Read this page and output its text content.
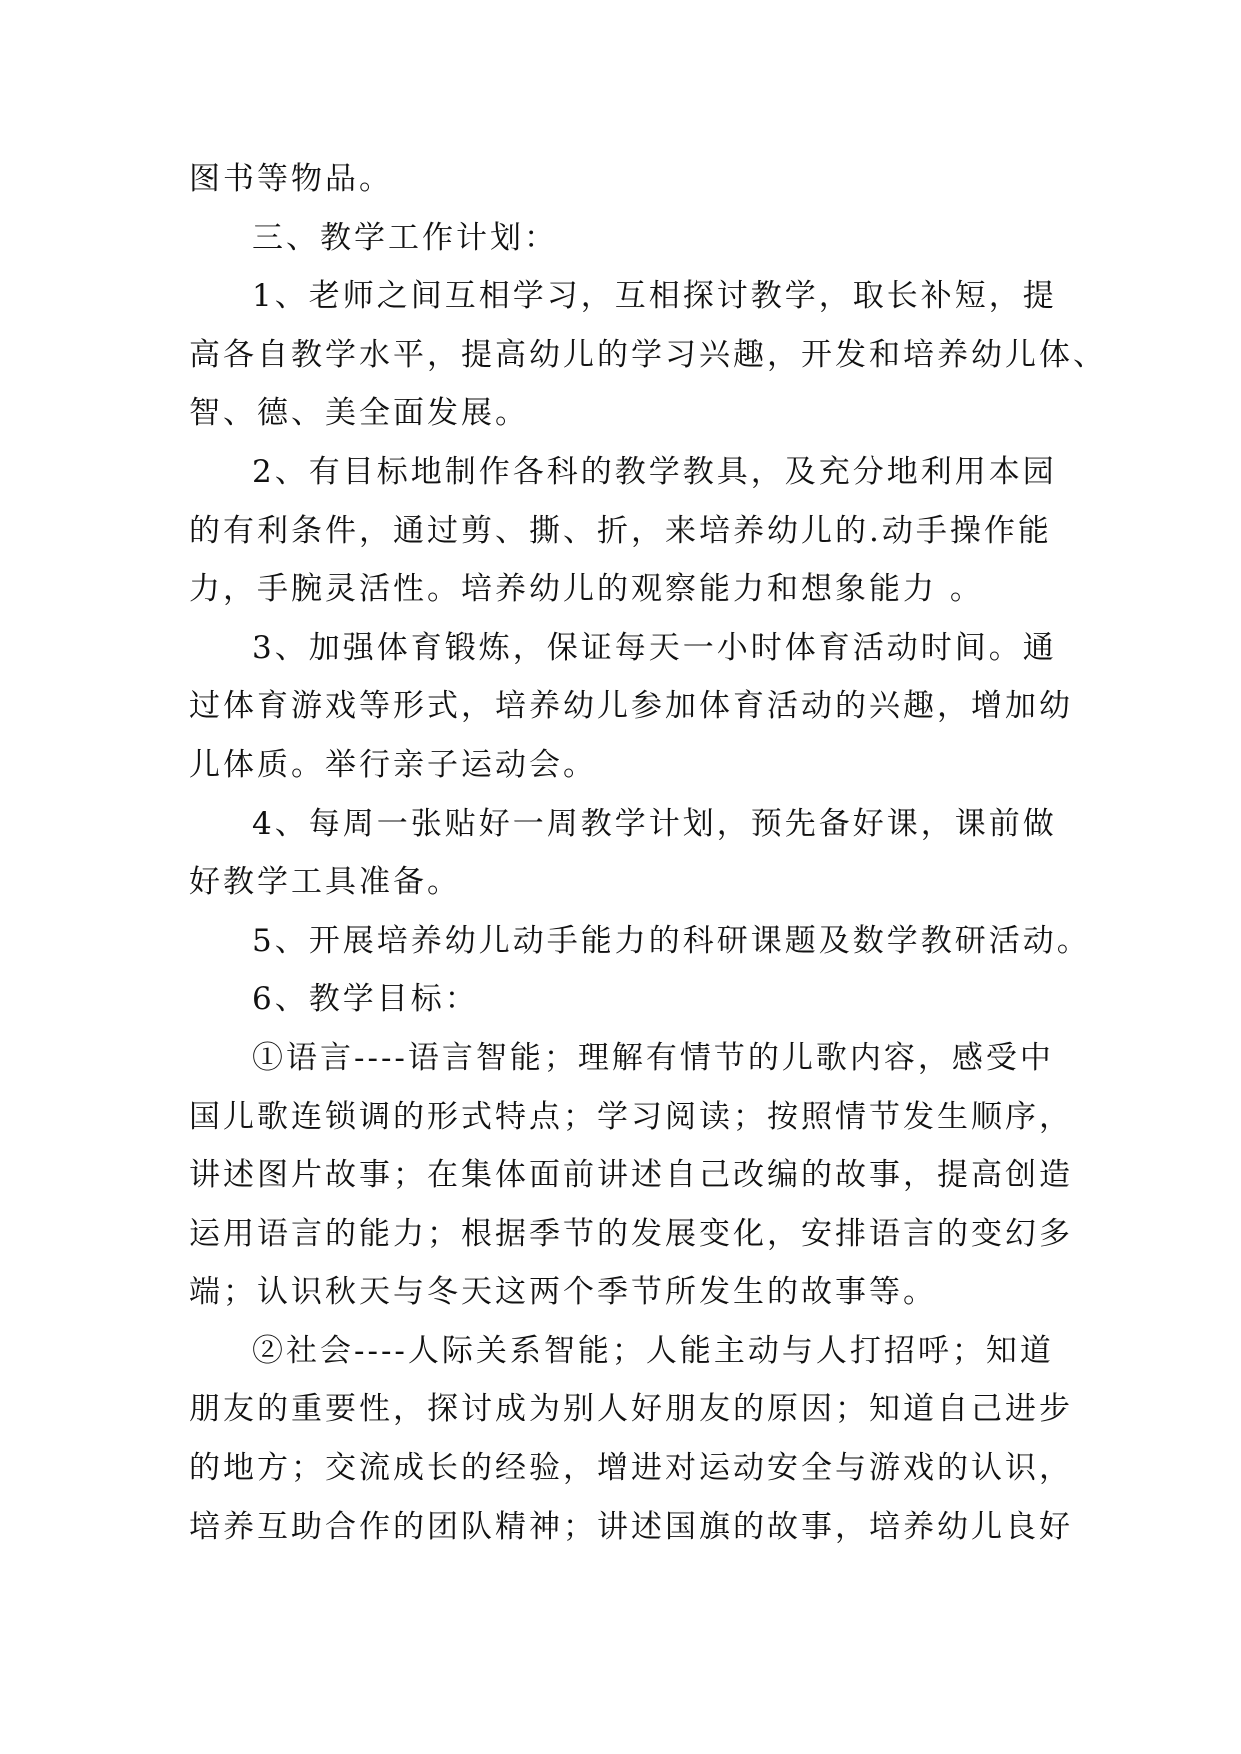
图书等物品。
三、教学工作计划：
1、老师之间互相学习，互相探讨教学，取长补短，提
高各自教学水平，提高幼儿的学习兴趣，开发和培养幼儿体、
智、德、美全面发展。
2、有目标地制作各科的教学教具，及充分地利用本园
的有利条件，通过剪、撕、折，来培养幼儿的.动手操作能
力，手腕灵活性。培养幼儿的观察能力和想象能力 。
3、加强体育锻炼，保证每天一小时体育活动时间。通
过体育游戏等形式，培养幼儿参加体育活动的兴趣，增加幼
儿体质。举行亲子运动会。
4、每周一张贴好一周教学计划，预先备好课，课前做
好教学工具准备。
5、开展培养幼儿动手能力的科研课题及数学教研活动。
6、教学目标：
①语言----语言智能；理解有情节的儿歌内容，感受中
国儿歌连锁调的形式特点；学习阅读；按照情节发生顺序，
讲述图片故事；在集体面前讲述自己改编的故事，提高创造
运用语言的能力；根据季节的发展变化，安排语言的变幻多
端；认识秋天与冬天这两个季节所发生的故事等。
②社会----人际关系智能；人能主动与人打招呼；知道
朋友的重要性，探讨成为别人好朋友的原因；知道自己进步
的地方；交流成长的经验，增进对运动安全与游戏的认识，
培养互助合作的团队精神；讲述国旗的故事，培养幼儿良好
